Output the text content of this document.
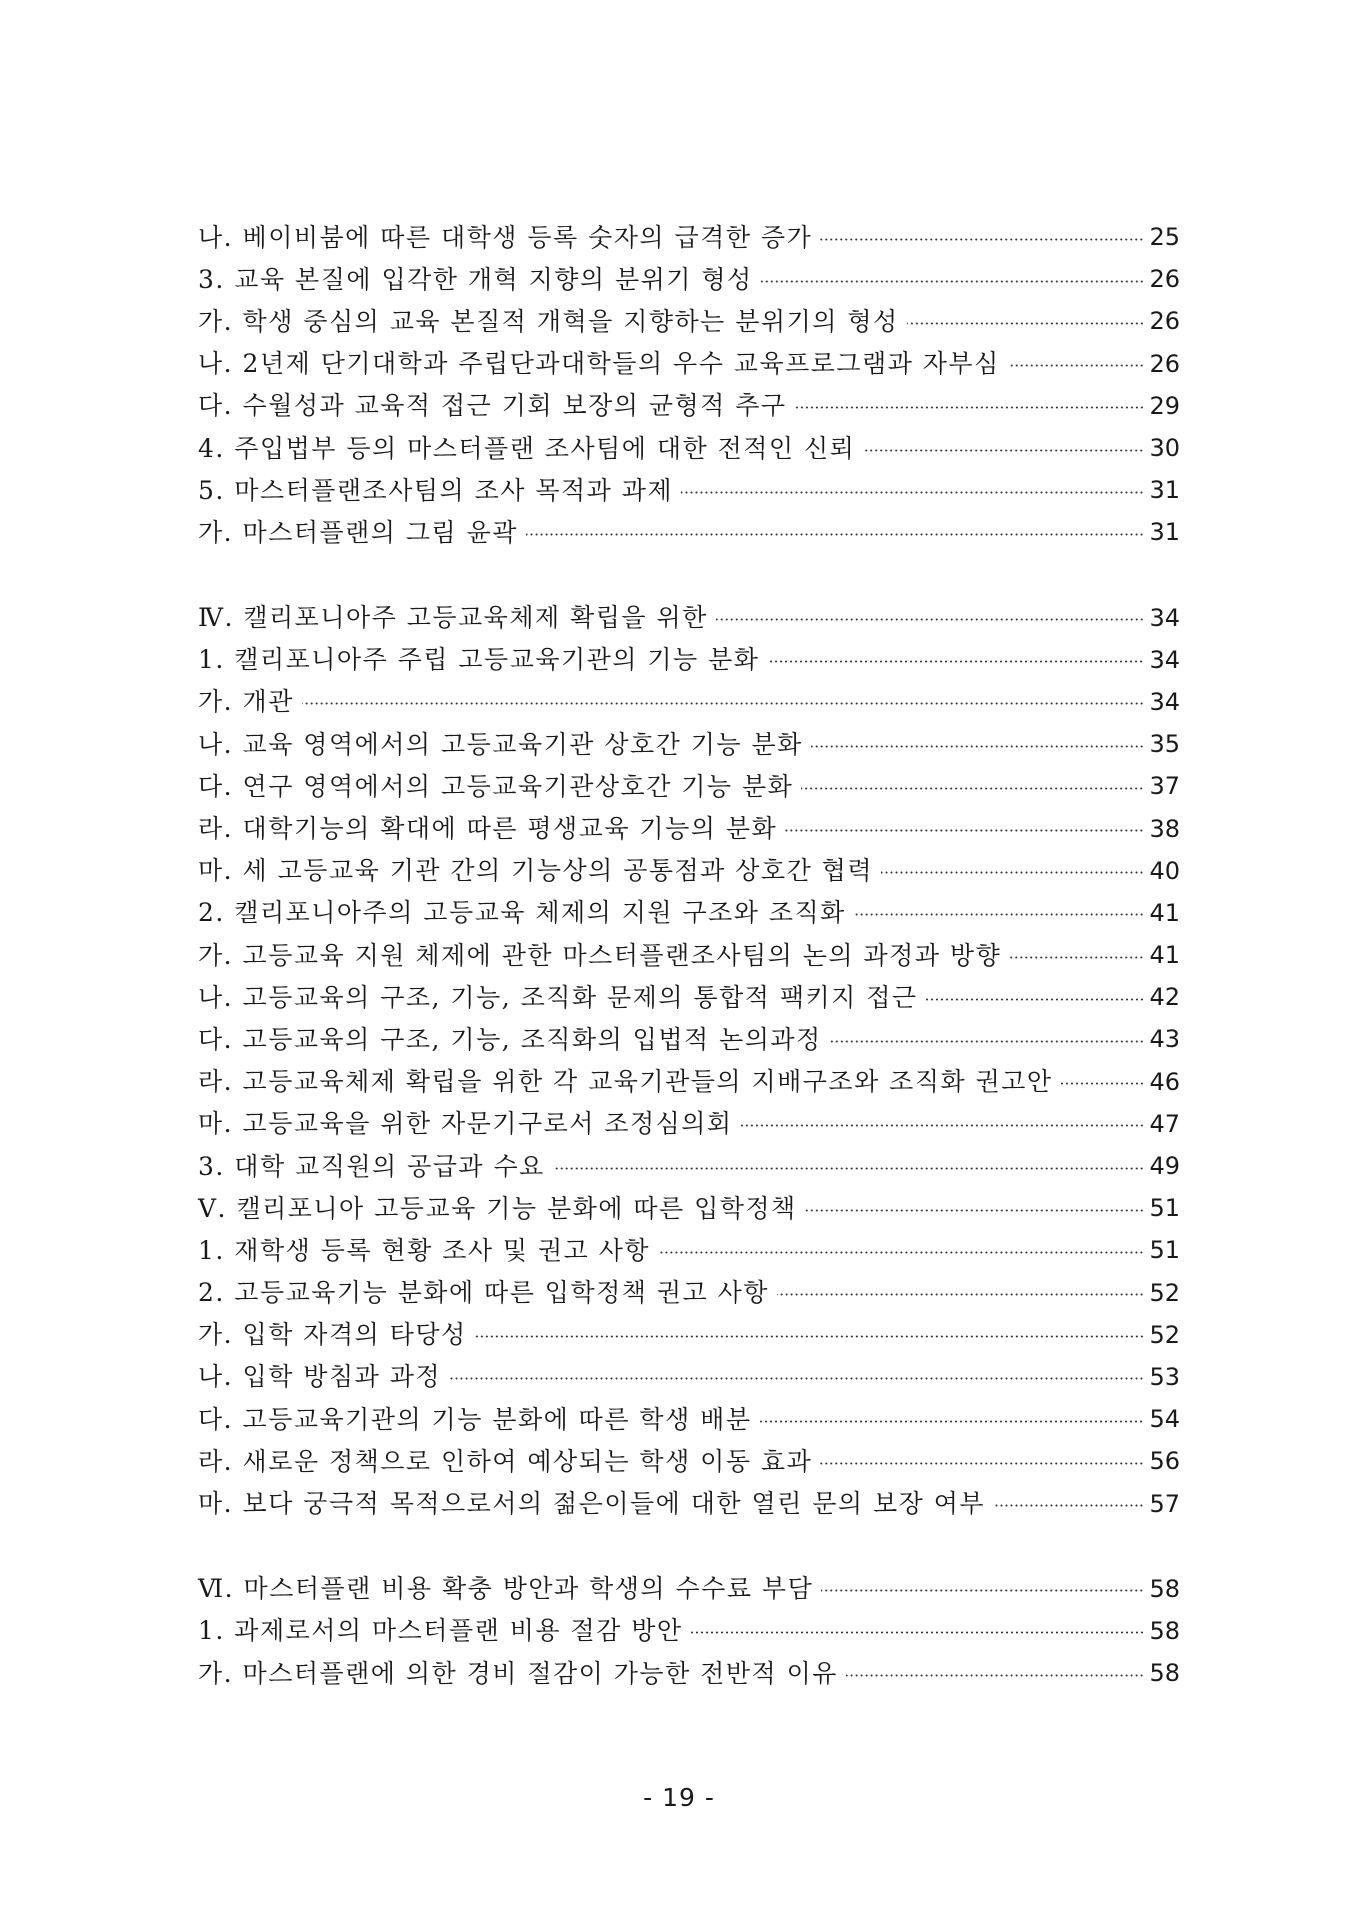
나. 베이비붐에 따른 대학생 등록 숫자의 급격한 증가	25
3. 교육 본질에 입각한 개혁 지향의 분위기 형성	26
가. 학생 중심의 교육 본질적 개혁을 지향하는 분위기의 형성	26
나. 2년제 단기대학과 주립단과대학들의 우수 교육프로그램과 자부심	26
다. 수월성과 교육적 접근 기회 보장의 균형적 추구	29
4. 주입법부 등의 마스터플랜 조사팀에 대한 전적인 신뢰	30
5. 마스터플랜조사팀의 조사 목적과 과제	31
가. 마스터플랜의 그림 윤곽	31
Ⅳ. 캘리포니아주 고등교육체제 확립을 위한	34
1. 캘리포니아주 주립 고등교육기관의 기능 분화	34
가. 개관	34
나. 교육 영역에서의 고등교육기관 상호간 기능 분화	35
다. 연구 영역에서의 고등교육기관상호간 기능 분화	37
라. 대학기능의 확대에 따른 평생교육 기능의 분화	38
마. 세 고등교육 기관 간의 기능상의 공통점과 상호간 협력	40
2. 캘리포니아주의 고등교육 체제의 지원 구조와 조직화	41
가. 고등교육 지원 체제에 관한 마스터플랜조사팀의 논의 과정과 방향	41
나. 고등교육의 구조, 기능, 조직화 문제의 통합적 팩키지 접근	42
다. 고등교육의 구조, 기능, 조직화의 입법적 논의과정	43
라. 고등교육체제 확립을 위한 각 교육기관들의 지배구조와 조직화 권고안	46
마. 고등교육을 위한 자문기구로서 조정심의회	47
3. 대학 교직원의 공급과 수요	49
Ⅴ. 캘리포니아 고등교육 기능 분화에 따른 입학정책	51
1. 재학생 등록 현황 조사 및 권고 사항	51
2. 고등교육기능 분화에 따른 입학정책 권고 사항	52
가. 입학 자격의 타당성	52
나. 입학 방침과 과정	53
다. 고등교육기관의 기능 분화에 따른 학생 배분	54
라. 새로운 정책으로 인하여 예상되는 학생 이동 효과	56
마. 보다 궁극적 목적으로서의 젊은이들에 대한 열린 문의 보장 여부	57
Ⅵ. 마스터플랜 비용 확충 방안과 학생의 수수료 부담	58
1. 과제로서의 마스터플랜 비용 절감 방안	58
가. 마스터플랜에 의한 경비 절감이 가능한 전반적 이유	58
- 19 -
